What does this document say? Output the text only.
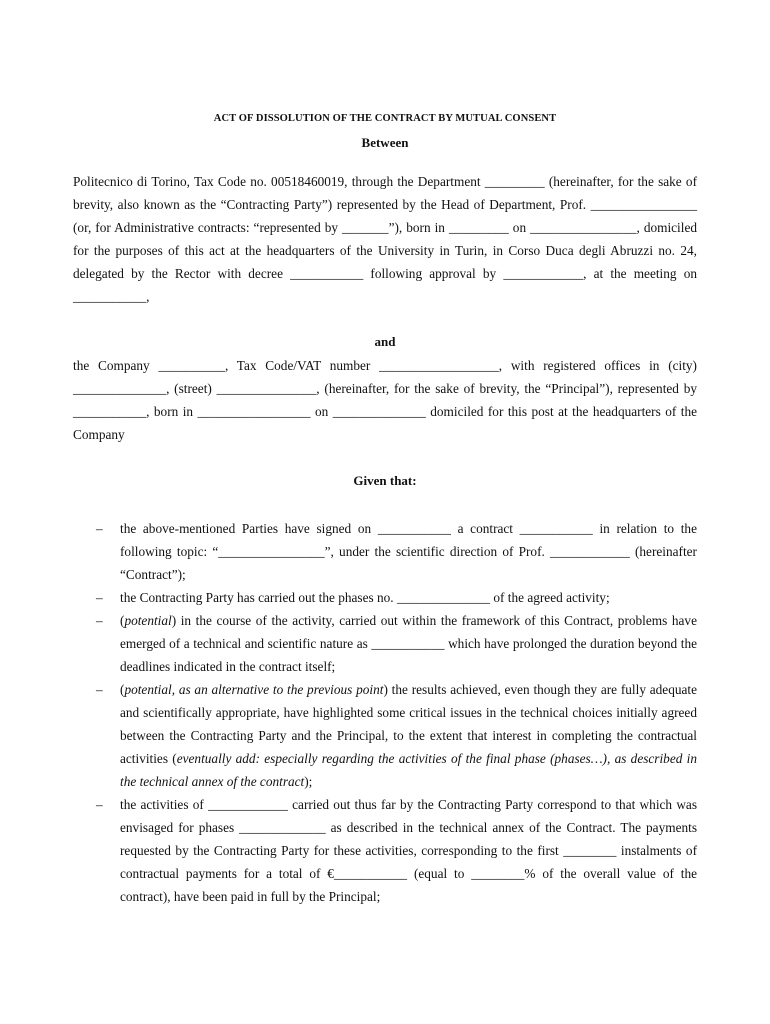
ACT OF DISSOLUTION OF THE CONTRACT BY MUTUAL CONSENT
Between

Politecnico di Torino, Tax Code no. 00518460019, through the Department _________ (hereinafter, for the sake of brevity, also known as the “Contracting Party”) represented by the Head of Department, Prof. ________________ (or, for Administrative contracts: “represented by _______”), born in _________ on ________________, domiciled for the purposes of this act at the headquarters of the University in Turin, in Corso Duca degli Abruzzi no. 24, delegated by the Rector with decree ___________ following approval by ____________, at the meeting on ___________,

and

the Company __________, Tax Code/VAT number __________________, with registered offices in (city) ______________, (street) _______________, (hereinafter, for the sake of brevity, the “Principal”), represented by ___________, born in _________________ on ______________ domiciled for this post at the headquarters of the Company

Given that:
– the above-mentioned Parties have signed on ___________ a contract ___________ in relation to the following topic: “________________”, under the scientific direction of Prof. ____________ (hereinafter “Contract”);
– the Contracting Party has carried out the phases no. ______________ of the agreed activity;
– (potential) in the course of the activity, carried out within the framework of this Contract, problems have emerged of a technical and scientific nature as ___________ which have prolonged the duration beyond the deadlines indicated in the contract itself;
– (potential, as an alternative to the previous point) the results achieved, even though they are fully adequate and scientifically appropriate, have highlighted some critical issues in the technical choices initially agreed between the Contracting Party and the Principal, to the extent that interest in completing the contractual activities (eventually add: especially regarding the activities of the final phase (phases…), as described in the technical annex of the contract);
– the activities of ____________ carried out thus far by the Contracting Party correspond to that which was envisaged for phases _____________ as described in the technical annex of the Contract. The payments requested by the Contracting Party for these activities, corresponding to the first ________ instalments of contractual payments for a total of €___________ (equal to ________% of the overall value of the contract), have been paid in full by the Principal;
